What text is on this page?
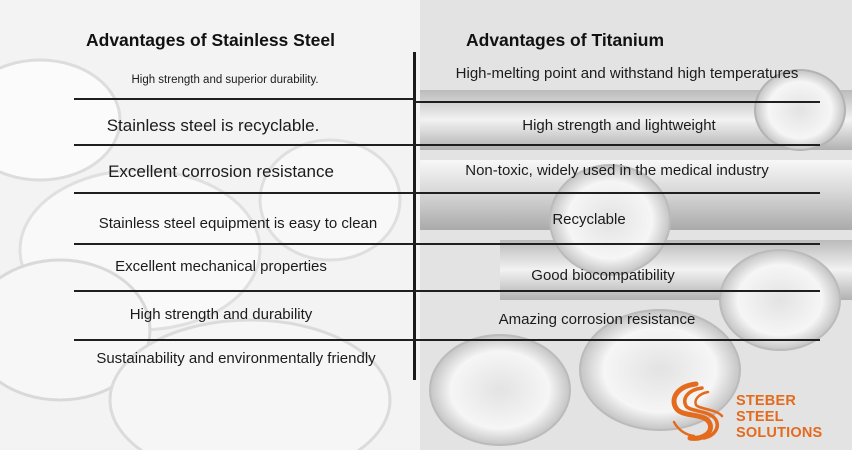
Advantages of Stainless Steel	Advantages of Titanium
High strength and superior durability.
Stainless steel is recyclable.
Excellent corrosion resistance
Stainless steel equipment is easy to clean
Excellent mechanical properties
High strength and durability
Sustainability and environmentally friendly
High-melting point and withstand high temperatures
High strength and lightweight
Non-toxic, widely used in the medical industry
Recyclable
Good biocompatibility
Amazing corrosion resistance
STEBER
STEEL
SOLUTIONS
